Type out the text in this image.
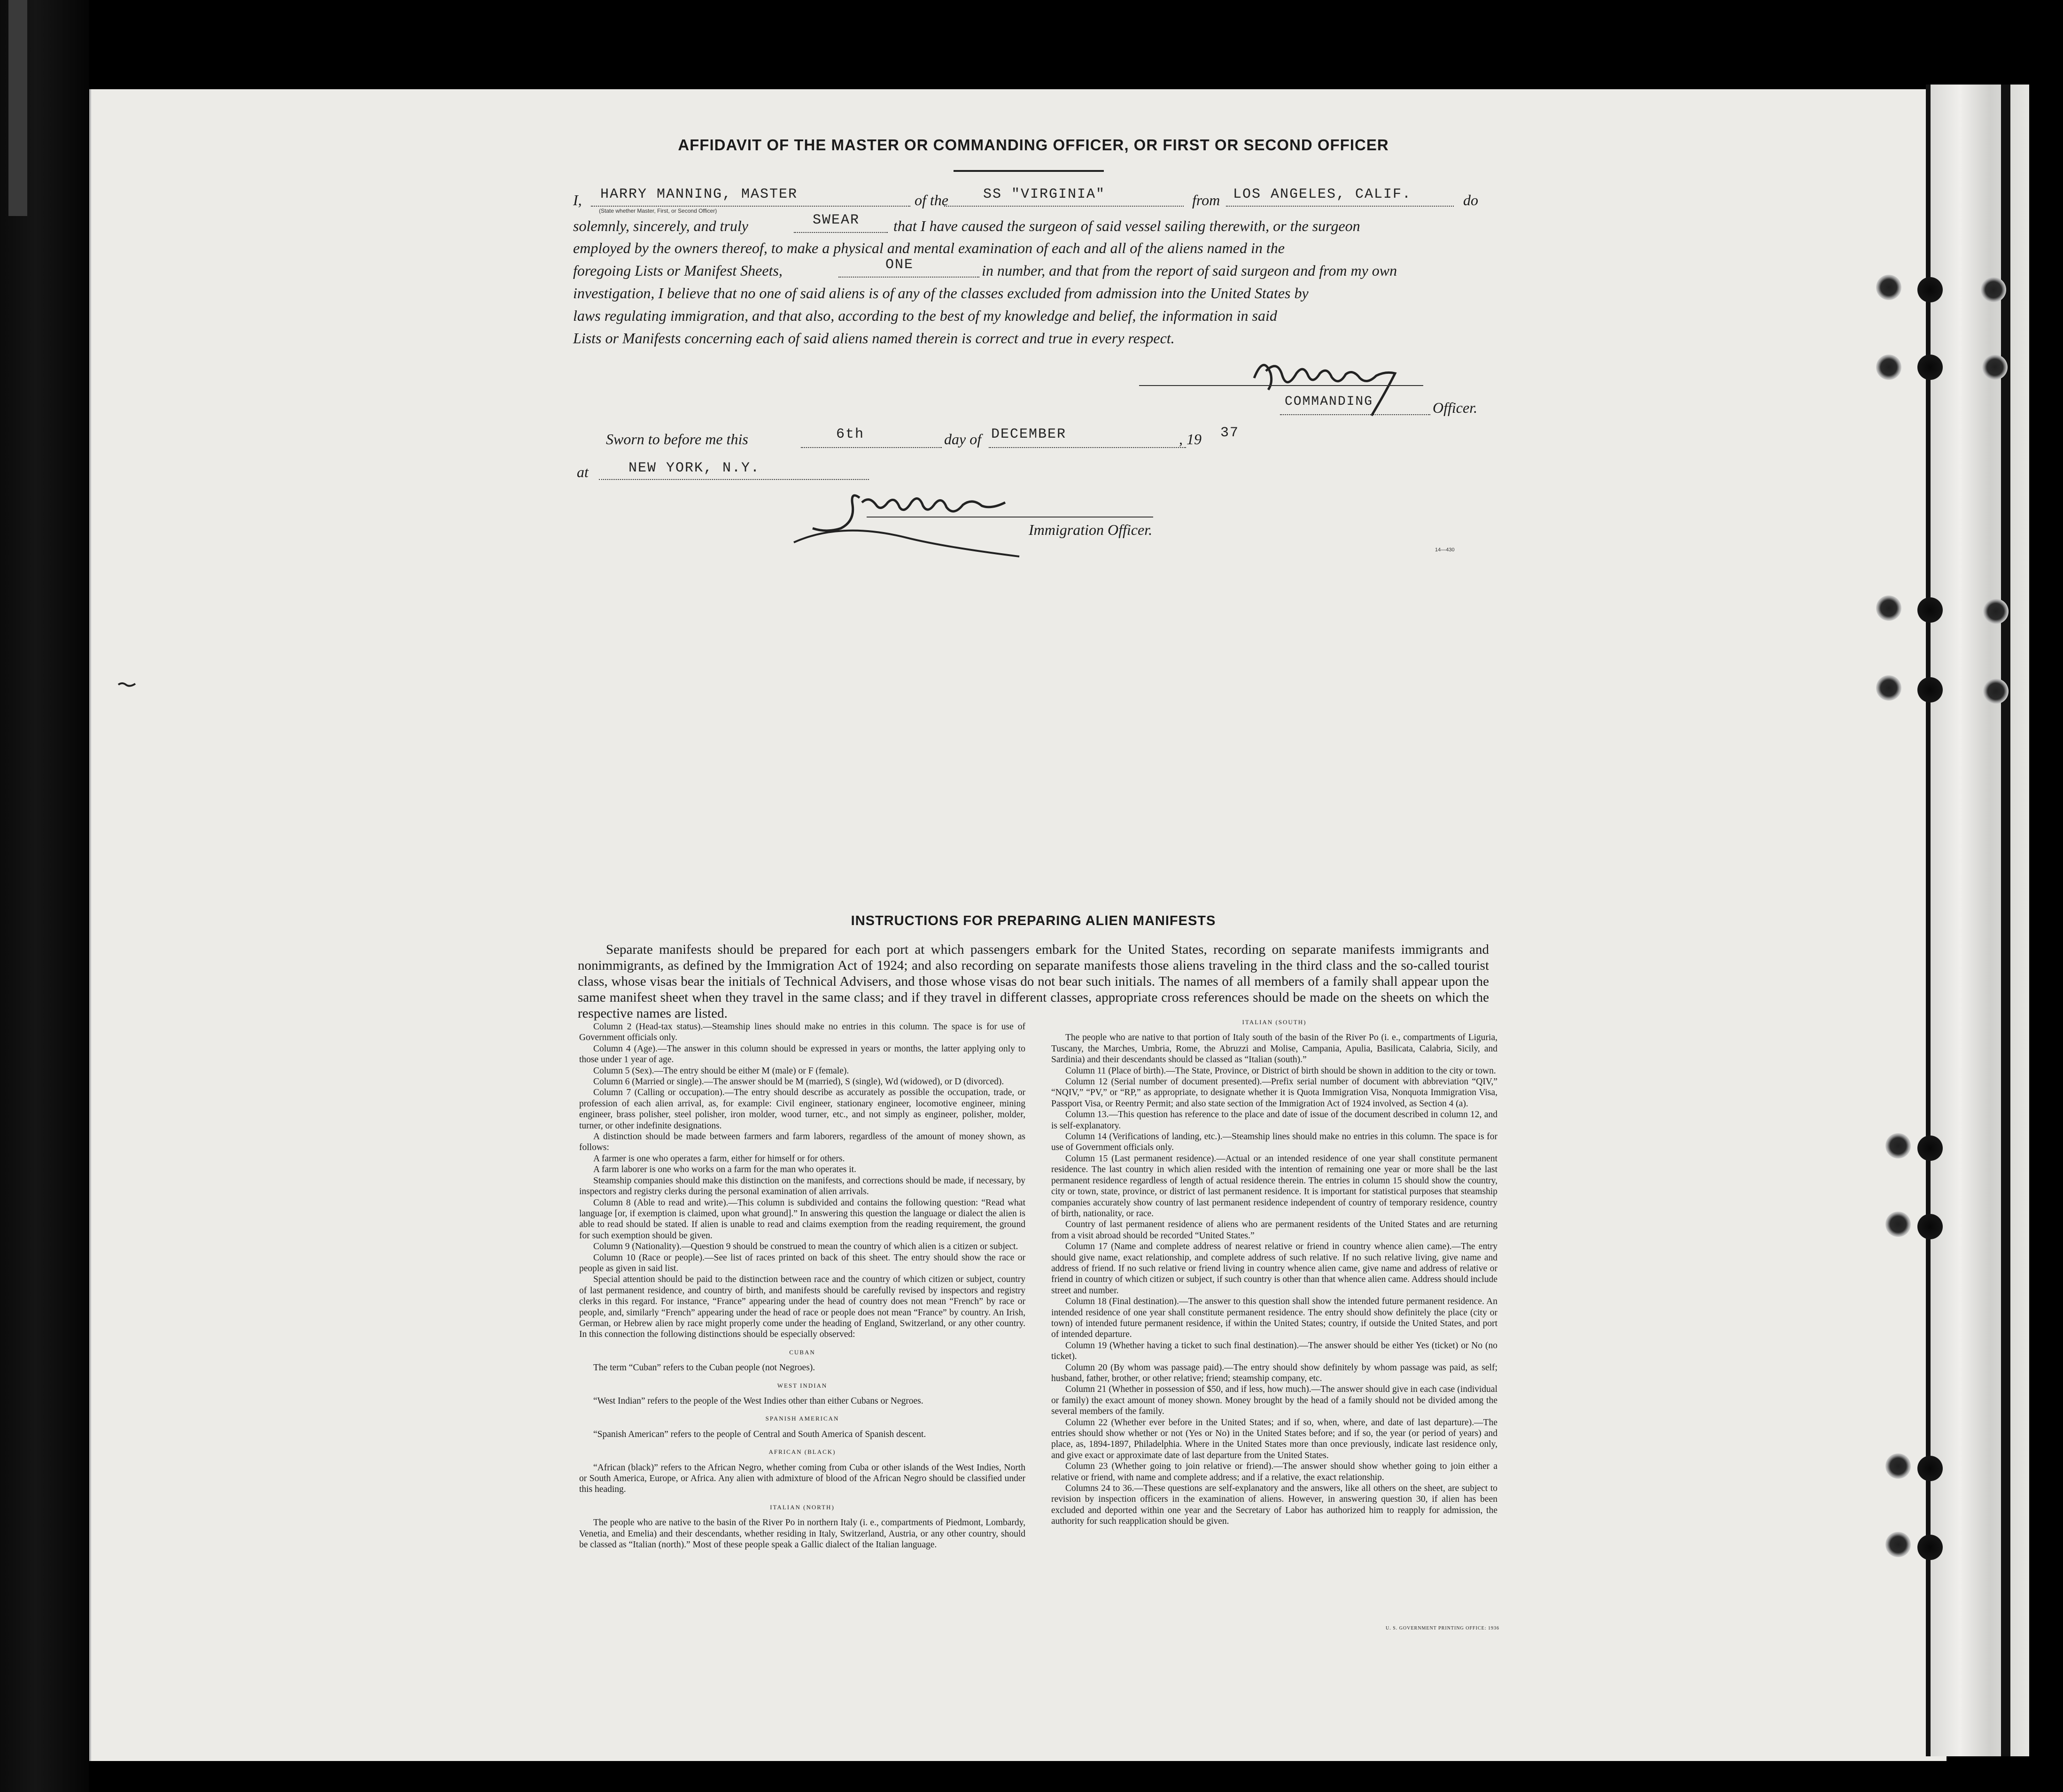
AFFIDAVIT OF THE MASTER OR COMMANDING OFFICER, OR FIRST OR SECOND OFFICER
I,	of the	from	do
HARRY MANNING, MASTER	SS "VIRGINIA"	LOS ANGELES, CALIF.
(State whether Master, First, or Second Officer)
solemnly, sincerely, and truly	that I have caused the surgeon of said vessel sailing therewith, or the surgeon
SWEAR
employed by the owners thereof, to make a physical and mental examination of each and all of the aliens named in the
foregoing Lists or Manifest Sheets,	in number, and that from the report of said surgeon and from my own
ONE
investigation, I believe that no one of said aliens is of any of the classes excluded from admission into the United States by
laws regulating immigration, and that also, according to the best of my knowledge and belief, the information in said
Lists or Manifests concerning each of said aliens named therein is correct and true in every respect.
COMMANDING	Officer.
Sworn to before me this	6th	day of DECEMBER	, 19 37
at	NEW YORK, N.Y.
Immigration Officer.
14—430
INSTRUCTIONS FOR PREPARING ALIEN MANIFESTS
Separate manifests should be prepared for each port at which passengers embark for the United States, recording on separate manifests immigrants and nonimmigrants, as defined by the Immigration Act of 1924; and also recording on separate manifests those aliens traveling in the third class and the so-called tourist class, whose visas bear the initials of Technical Advisers, and those whose visas do not bear such initials. The names of all members of a family shall appear upon the same manifest sheet when they travel in the same class; and if they travel in different classes, appropriate cross references should be made on the sheets on which the respective names are listed.

Column 2 (Head-tax status).—Steamship lines should make no entries in this column. The space is for use of Government officials only.

Column 4 (Age).—The answer in this column should be expressed in years or months, the latter applying only to those under 1 year of age.

Column 5 (Sex).—The entry should be either M (male) or F (female).

Column 6 (Married or single).—The answer should be M (married), S (single), Wd (widowed), or D (divorced).

Column 7 (Calling or occupation).—The entry should describe as accurately as possible the occupation, trade, or profession of each alien arrival, as, for example: Civil engineer, stationary engineer, locomotive engineer, mining engineer, brass polisher, steel polisher, iron molder, wood turner, etc., and not simply as engineer, polisher, molder, turner, or other indefinite designations.

A distinction should be made between farmers and farm laborers, regardless of the amount of money shown, as follows:

A farmer is one who operates a farm, either for himself or for others.

A farm laborer is one who works on a farm for the man who operates it.

Steamship companies should make this distinction on the manifests, and corrections should be made, if necessary, by inspectors and registry clerks during the personal examination of alien arrivals.

Column 8 (Able to read and write).—This column is subdivided and contains the following question: “Read what language [or, if exemption is claimed, upon what ground].” In answering this question the language or dialect the alien is able to read should be stated. If alien is unable to read and claims exemption from the reading requirement, the ground for such exemption should be given.

Column 9 (Nationality).—Question 9 should be construed to mean the country of which alien is a citizen or subject.

Column 10 (Race or people).—See list of races printed on back of this sheet. The entry should show the race or people as given in said list.

Special attention should be paid to the distinction between race and the country of which citizen or subject, country of last permanent residence, and country of birth, and manifests should be carefully revised by inspectors and registry clerks in this regard. For instance, “France” appearing under the head of country does not mean “French” by race or people, and, similarly “French” appearing under the head of race or people does not mean “France” by country. An Irish, German, or Hebrew alien by race might properly come under the heading of England, Switzerland, or any other country. In this connection the following distinctions should be especially observed:

CUBAN

The term “Cuban” refers to the Cuban people (not Negroes).

WEST INDIAN

“West Indian” refers to the people of the West Indies other than either Cubans or Negroes.

SPANISH AMERICAN

“Spanish American” refers to the people of Central and South America of Spanish descent.

AFRICAN (BLACK)

“African (black)” refers to the African Negro, whether coming from Cuba or other islands of the West Indies, North or South America, Europe, or Africa. Any alien with admixture of blood of the African Negro should be classified under this heading.

ITALIAN (NORTH)

The people who are native to the basin of the River Po in northern Italy (i. e., compartments of Piedmont, Lombardy, Venetia, and Emelia) and their descendants, whether residing in Italy, Switzerland, Austria, or any other country, should be classed as “Italian (north).” Most of these people speak a Gallic dialect of the Italian language.

ITALIAN (SOUTH)

The people who are native to that portion of Italy south of the basin of the River Po (i. e., compartments of Liguria, Tuscany, the Marches, Umbria, Rome, the Abruzzi and Molise, Campania, Apulia, Basilicata, Calabria, Sicily, and Sardinia) and their descendants should be classed as “Italian (south).”

Column 11 (Place of birth).—The State, Province, or District of birth should be shown in addition to the city or town.

Column 12 (Serial number of document presented).—Prefix serial number of document with abbreviation “QIV,” “NQIV,” “PV,” or “RP,” as appropriate, to designate whether it is Quota Immigration Visa, Nonquota Immigration Visa, Passport Visa, or Reentry Permit; and also state section of the Immigration Act of 1924 involved, as Section 4 (a).

Column 13.—This question has reference to the place and date of issue of the document described in column 12, and is self-explanatory.

Column 14 (Verifications of landing, etc.).—Steamship lines should make no entries in this column. The space is for use of Government officials only.

Column 15 (Last permanent residence).—Actual or an intended residence of one year shall constitute permanent residence. The last country in which alien resided with the intention of remaining one year or more shall be the last permanent residence regardless of length of actual residence therein. The entries in column 15 should show the country, city or town, state, province, or district of last permanent residence. It is important for statistical purposes that steamship companies accurately show country of last permanent residence independent of country of temporary residence, country of birth, nationality, or race.

Country of last permanent residence of aliens who are permanent residents of the United States and are returning from a visit abroad should be recorded “United States.”

Column 17 (Name and complete address of nearest relative or friend in country whence alien came).—The entry should give name, exact relationship, and complete address of such relative. If no such relative living, give name and address of friend. If no such relative or friend living in country whence alien came, give name and address of relative or friend in country of which citizen or subject, if such country is other than that whence alien came. Address should include street and number.

Column 18 (Final destination).—The answer to this question shall show the intended future permanent residence. An intended residence of one year shall constitute permanent residence. The entry should show definitely the place (city or town) of intended future permanent residence, if within the United States; country, if outside the United States, and port of intended departure.

Column 19 (Whether having a ticket to such final destination).—The answer should be either Yes (ticket) or No (no ticket).

Column 20 (By whom was passage paid).—The entry should show definitely by whom passage was paid, as self; husband, father, brother, or other relative; friend; steamship company, etc.

Column 21 (Whether in possession of $50, and if less, how much).—The answer should give in each case (individual or family) the exact amount of money shown. Money brought by the head of a family should not be divided among the several members of the family.

Column 22 (Whether ever before in the United States; and if so, when, where, and date of last departure).—The entries should show whether or not (Yes or No) in the United States before; and if so, the year (or period of years) and place, as, 1894-1897, Philadelphia. Where in the United States more than once previously, indicate last residence only, and give exact or approximate date of last departure from the United States.

Column 23 (Whether going to join relative or friend).—The answer should show whether going to join either a relative or friend, with name and complete address; and if a relative, the exact relationship.

Columns 24 to 36.—These questions are self-explanatory and the answers, like all others on the sheet, are subject to revision by inspection officers in the examination of aliens. However, in answering question 30, if alien has been excluded and deported within one year and the Secretary of Labor has authorized him to reapply for admission, the authority for such reapplication should be given.

U. S. GOVERNMENT PRINTING OFFICE: 1936
